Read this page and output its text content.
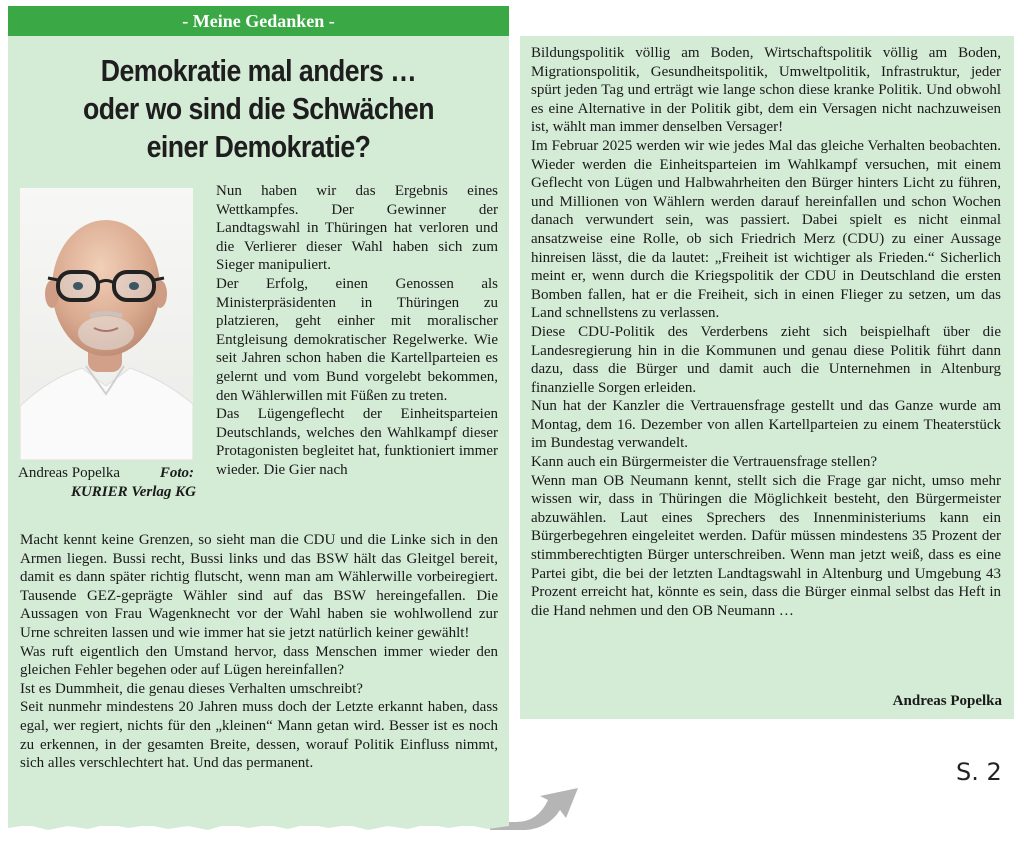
- Meine Gedanken -
Demokratie mal anders …
oder wo sind die Schwächen
einer Demokratie?
Andreas Popelka	Foto:
KURIER Verlag KG

Nun haben wir das Ergebnis eines Wettkampfes. Der Gewinner der Landtagswahl in Thüringen hat verloren und die Verlierer dieser Wahl haben sich zum Sieger manipuliert.

Der Erfolg, einen Genossen als Ministerpräsidenten in Thüringen zu platzieren, geht einher mit moralischer Entgleisung demokratischer Regelwerke. Wie seit Jahren schon haben die Kartellparteien es gelernt und vom Bund vorgelebt bekommen, den Wählerwillen mit Füßen zu treten.

Das Lügengeflecht der Einheitsparteien Deutschlands, welches den Wahlkampf dieser Protagonisten begleitet hat, funktioniert immer wieder. Die Gier nach

Macht kennt keine Grenzen, so sieht man die CDU und die Linke sich in den Armen liegen. Bussi recht, Bussi links und das BSW hält das Gleitgel bereit, damit es dann später richtig flutscht, wenn man am Wählerwille vorbeiregiert. Tausende GEZ-geprägte Wähler sind auf das BSW hereingefallen. Die Aussagen von Frau Wagenknecht vor der Wahl haben sie wohlwollend zur Urne schreiten lassen und wie immer hat sie jetzt natürlich keiner gewählt!

Was ruft eigentlich den Umstand hervor, dass Menschen immer wieder den gleichen Fehler begehen oder auf Lügen hereinfallen?

Ist es Dummheit, die genau dieses Verhalten umschreibt?

Seit nunmehr mindestens 20 Jahren muss doch der Letzte erkannt haben, dass egal, wer regiert, nichts für den „kleinen“ Mann getan wird. Besser ist es noch zu erkennen, in der gesamten Breite, dessen, worauf Politik Einfluss nimmt, sich alles verschlechtert hat. Und das permanent.

Bildungspolitik völlig am Boden, Wirtschaftspolitik völlig am Boden, Migrationspolitik, Gesundheitspolitik, Umweltpolitik, Infrastruktur, jeder spürt jeden Tag und erträgt wie lange schon diese kranke Politik. Und obwohl es eine Alternative in der Politik gibt, dem ein Versagen nicht nachzuweisen ist, wählt man immer denselben Versager!

Im Februar 2025 werden wir wie jedes Mal das gleiche Verhalten beobachten. Wieder werden die Einheitsparteien im Wahlkampf versuchen, mit einem Geflecht von Lügen und Halbwahrheiten den Bürger hinters Licht zu führen, und Millionen von Wählern werden darauf hereinfallen und schon Wochen danach verwundert sein, was passiert. Dabei spielt es nicht einmal ansatzweise eine Rolle, ob sich Friedrich Merz (CDU) zu einer Aussage hinreisen lässt, die da lautet: „Freiheit ist wichtiger als Frieden.“ Sicherlich meint er, wenn durch die Kriegspolitik der CDU in Deutschland die ersten Bomben fallen, hat er die Freiheit, sich in einen Flieger zu setzen, um das Land schnellstens zu verlassen.

Diese CDU-Politik des Verderbens zieht sich beispielhaft über die Landesregierung hin in die Kommunen und genau diese Politik führt dann dazu, dass die Bürger und damit auch die Unternehmen in Altenburg finanzielle Sorgen erleiden.

Nun hat der Kanzler die Vertrauensfrage gestellt und das Ganze wurde am Montag, dem 16. Dezember von allen Kartellparteien zu einem Theaterstück im Bundestag verwandelt.

Kann auch ein Bürgermeister die Vertrauensfrage stellen?

Wenn man OB Neumann kennt, stellt sich die Frage gar nicht, umso mehr wissen wir, dass in Thüringen die Möglichkeit besteht, den Bürgermeister abzuwählen. Laut eines Sprechers des Innenministeriums kann ein Bürgerbegehren eingeleitet werden. Dafür müssen mindestens 35 Prozent der stimmberechtigten Bürger unterschreiben. Wenn man jetzt weiß, dass es eine Partei gibt, die bei der letzten Landtagswahl in Altenburg und Umgebung 43 Prozent erreicht hat, könnte es sein, dass die Bürger einmal selbst das Heft in die Hand nehmen und den OB Neumann …

Andreas Popelka
S. 2
